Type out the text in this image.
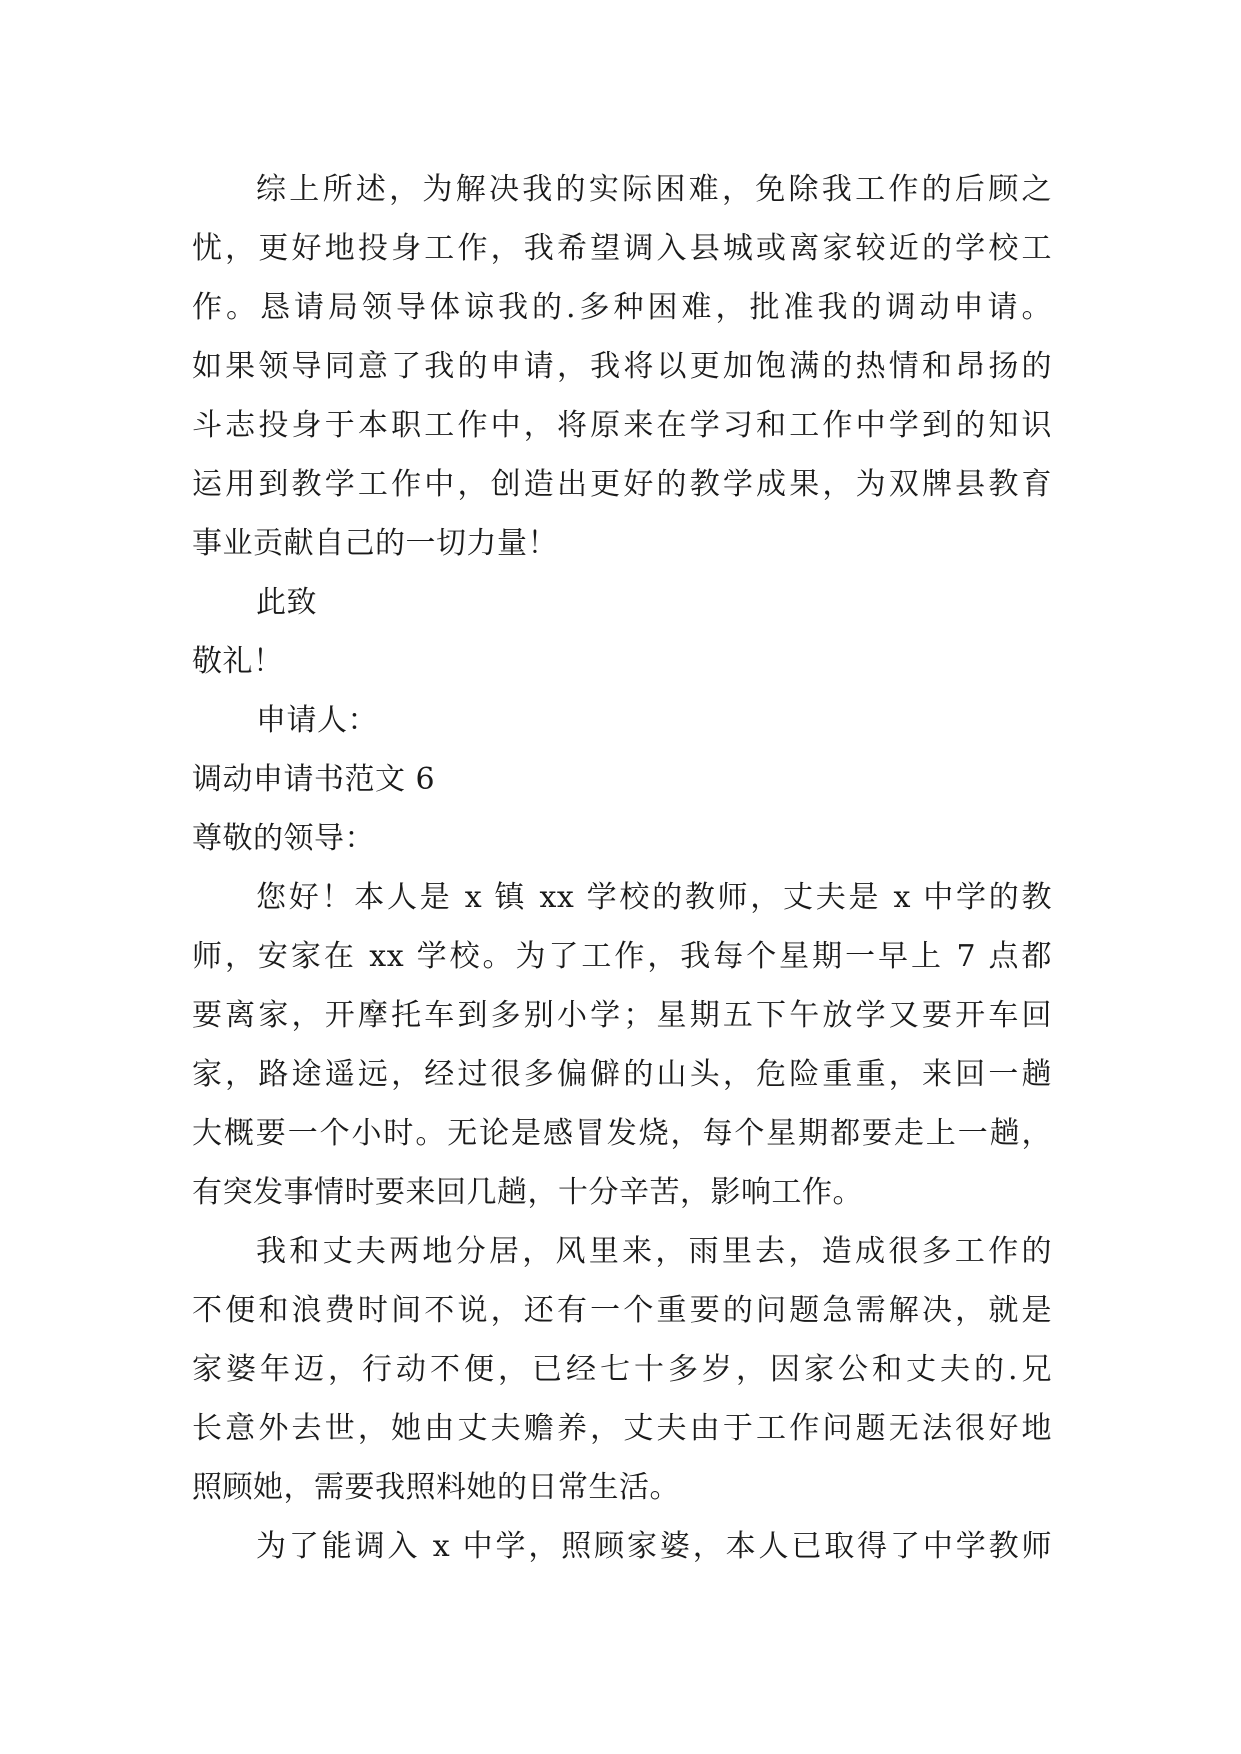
综上所述，为解决我的实际困难，免除我工作的后顾之
忧，更好地投身工作，我希望调入县城或离家较近的学校工
作。恳请局领导体谅我的.多种困难，批准我的调动申请。
如果领导同意了我的申请，我将以更加饱满的热情和昂扬的
斗志投身于本职工作中，将原来在学习和工作中学到的知识
运用到教学工作中，创造出更好的教学成果，为双牌县教育
事业贡献自己的一切力量！
此致
敬礼！
申请人：
调动申请书范文 6
尊敬的领导：
您好！本人是 x 镇 xx 学校的教师，丈夫是 x 中学的教
师，安家在 xx 学校。为了工作，我每个星期一早上 7 点都
要离家，开摩托车到多别小学；星期五下午放学又要开车回
家，路途遥远，经过很多偏僻的山头，危险重重，来回一趟
大概要一个小时。无论是感冒发烧，每个星期都要走上一趟，
有突发事情时要来回几趟，十分辛苦，影响工作。
我和丈夫两地分居，风里来，雨里去，造成很多工作的
不便和浪费时间不说，还有一个重要的问题急需解决，就是
家婆年迈，行动不便，已经七十多岁，因家公和丈夫的.兄
长意外去世，她由丈夫赡养，丈夫由于工作问题无法很好地
照顾她，需要我照料她的日常生活。
为了能调入 x 中学，照顾家婆，本人已取得了中学教师
